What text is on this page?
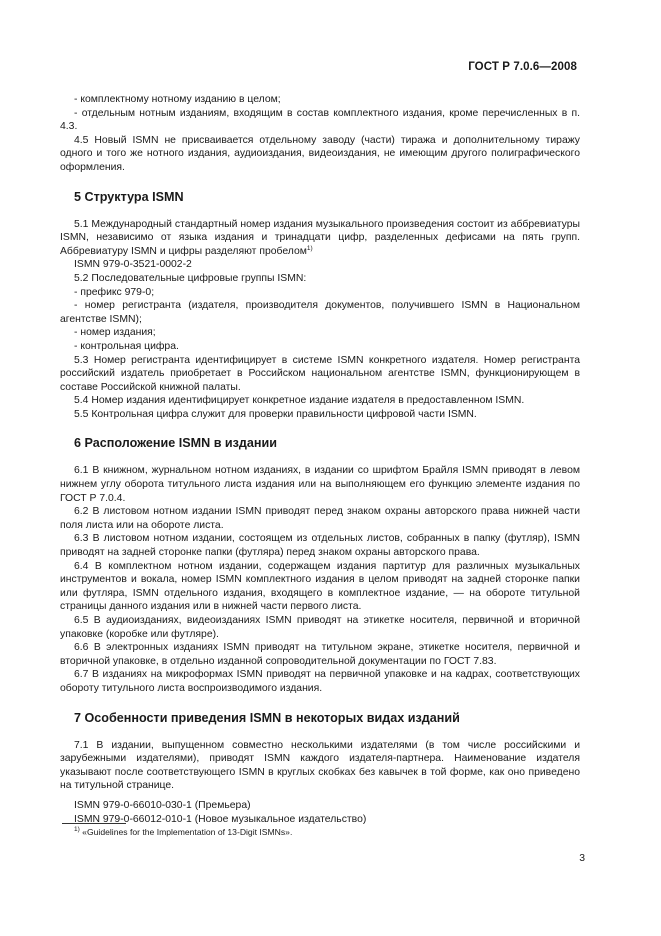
ГОСТ Р 7.0.6—2008

- комплектному нотному изданию в целом;

- отдельным нотным изданиям, входящим в состав комплектного издания, кроме перечисленных в п. 4.3.

4.5 Новый ISMN не присваивается отдельному заводу (части) тиража и дополнительному тиражу одного и того же нотного издания, аудиоиздания, видеоиздания, не имеющим другого полиграфического оформления.

5 Структура ISMN

5.1 Международный стандартный номер издания музыкального произведения состоит из аббревиатуры ISMN, независимо от языка издания и тринадцати цифр, разделенных дефисами на пять групп. Аббревиатуру ISMN и цифры разделяют пробелом$^{1)}$

ISMN 979-0-3521-0002-2

5.2 Последовательные цифровые группы ISMN:

- префикс 979-0;

- номер регистранта (издателя, производителя документов, получившего ISMN в Национальном агентстве ISMN);

- номер издания;

- контрольная цифра.

5.3 Номер регистранта идентифицирует в системе ISMN конкретного издателя. Номер регистранта российский издатель приобретает в Российском национальном агентстве ISMN, функционирующем в составе Российской книжной палаты.

5.4 Номер издания идентифицирует конкретное издание издателя в предоставленном ISMN.

5.5 Контрольная цифра служит для проверки правильности цифровой части ISMN.

6 Расположение ISMN в издании

6.1 В книжном, журнальном нотном изданиях, в издании со шрифтом Брайля ISMN приводят в левом нижнем углу оборота титульного листа издания или на выполняющем его функцию элементе издания по ГОСТ Р 7.0.4.

6.2 В листовом нотном издании ISMN приводят перед знаком охраны авторского права нижней части поля листа или на обороте листа.

6.3 В листовом нотном издании, состоящем из отдельных листов, собранных в папку (футляр), ISMN приводят на задней сторонке папки (футляра) перед знаком охраны авторского права.

6.4 В комплектном нотном издании, содержащем издания партитур для различных музыкальных инструментов и вокала, номер ISMN комплектного издания в целом приводят на задней сторонке папки или футляра, ISMN отдельного издания, входящего в комплектное издание, — на обороте титульной страницы данного издания или в нижней части первого листа.

6.5 В аудиоизданиях, видеоизданиях ISMN приводят на этикетке носителя, первичной и вторичной упаковке (коробке или футляре).

6.6 В электронных изданиях ISMN приводят на титульном экране, этикетке носителя, первичной и вторичной упаковке, в отдельно изданной сопроводительной документации по ГОСТ 7.83.

6.7 В изданиях на микроформах ISMN приводят на первичной упаковке и на кадрах, соответствующих обороту титульного листа воспроизводимого издания.

7 Особенности приведения ISMN в некоторых видах изданий

7.1 В издании, выпущенном совместно несколькими издателями (в том числе российскими и зарубежными издателями), приводят ISMN каждого издателя-партнера. Наименование издателя указывают после соответствующего ISMN в круглых скобках без кавычек в той форме, как оно приведено на титульной странице.

ISMN 979-0-66010-030-1 (Премьера)

ISMN 979-0-66012-010-1 (Новое музыкальное издательство)

$^{1)}$ «Guidelines for the Implementation of 13-Digit ISMNs».
3
